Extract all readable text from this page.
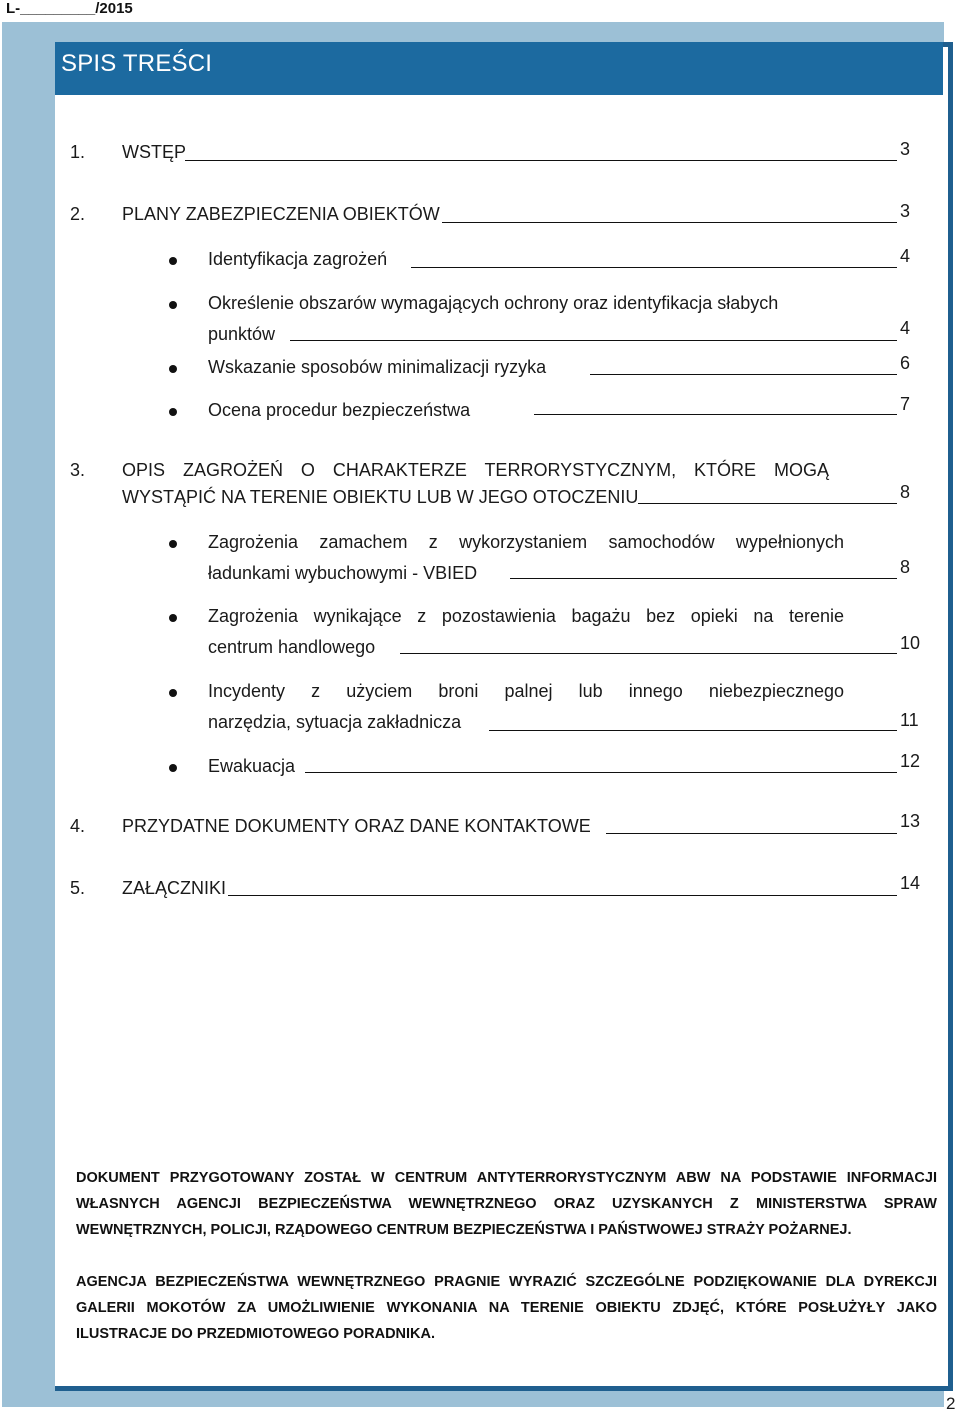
L-_________/2015
SPIS TREŚCI
1. WSTĘP	3
2. PLANY ZABEZPIECZENIA OBIEKTÓW	3
Identyfikacja zagrożeń	4
Określenie obszarów wymagających ochrony oraz identyfikacja słabych
punktów	4
Wskazanie sposobów minimalizacji ryzyka	6
Ocena procedur bezpieczeństwa	7
3. OPIS ZAGROŻEŃ O CHARAKTERZE TERRORYSTYCZNYM, KTÓRE MOGĄ
WYSTĄPIĆ NA TERENIE OBIEKTU LUB W JEGO OTOCZENIU	8
Zagrożenia zamachem z wykorzystaniem samochodów wypełnionych
ładunkami wybuchowymi - VBIED	8
Zagrożenia wynikające z pozostawienia bagażu bez opieki na terenie
centrum handlowego	10
Incydenty z użyciem broni palnej lub innego niebezpiecznego
narzędzia, sytuacja zakładnicza	11
Ewakuacja	12
4. PRZYDATNE DOKUMENTY ORAZ DANE KONTAKTOWE	13
5. ZAŁĄCZNIKI	14
DOKUMENT PRZYGOTOWANY ZOSTAŁ W CENTRUM ANTYTERRORYSTYCZNYM ABW NA PODSTAWIE INFORMACJI
WŁASNYCH AGENCJI BEZPIECZEŃSTWA WEWNĘTRZNEGO ORAZ UZYSKANYCH Z MINISTERSTWA SPRAW
WEWNĘTRZNYCH, POLICJI, RZĄDOWEGO CENTRUM BEZPIECZEŃSTWA I PAŃSTWOWEJ STRAŻY POŻARNEJ.
AGENCJA BEZPIECZEŃSTWA WEWNĘTRZNEGO PRAGNIE WYRAZIĆ SZCZEGÓLNE PODZIĘKOWANIE DLA DYREKCJI
GALERII MOKOTÓW ZA UMOŻLIWIENIE WYKONANIA NA TERENIE OBIEKTU ZDJĘĆ, KTÓRE POSŁUŻYŁY JAKO
ILUSTRACJE DO PRZEDMIOTOWEGO PORADNIKA.
2
